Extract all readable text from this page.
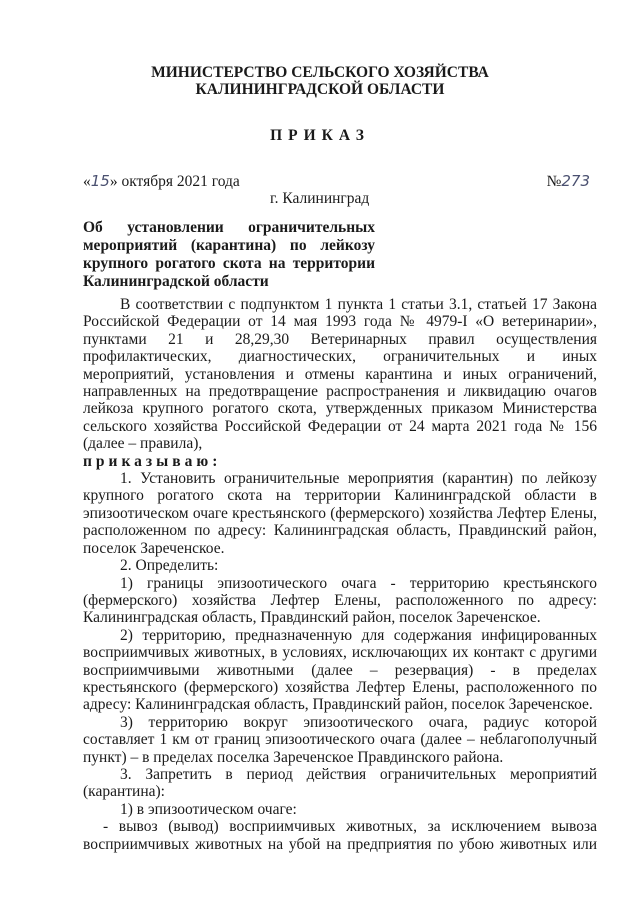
МИНИСТЕРСТВО СЕЛЬСКОГО ХОЗЯЙСТВА
КАЛИНИНГРАДСКОЙ ОБЛАСТИ
ПРИКАЗ
«15» октября 2021 года	№273
г. Калининград
Об установлении ограничительных мероприятий (карантина) по лейкозу крупного рогатого скота на территории Калининградской области

В соответствии с подпунктом 1 пункта 1 статьи 3.1, статьей 17 Закона Российской Федерации от 14 мая 1993 года № 4979-I «О ветеринарии», пунктами 21 и 28,29,30 Ветеринарных правил осуществления профилактических, диагностических, ограничительных и иных мероприятий, установления и отмены карантина и иных ограничений, направленных на предотвращение распространения и ликвидацию очагов лейкоза крупного рогатого скота, утвержденных приказом Министерства сельского хозяйства Российской Федерации от 24 марта 2021 года № 156 (далее – правила),

приказываю:

1. Установить ограничительные мероприятия (карантин) по лейкозу крупного рогатого скота на территории Калининградской области в эпизоотическом очаге крестьянского (фермерского) хозяйства Лефтер Елены, расположенном по адресу: Калининградская область, Правдинский район, поселок Зареченское.

2. Определить:

1) границы эпизоотического очага - территорию крестьянского (фермерского) хозяйства Лефтер Елены, расположенного по адресу: Калининградская область, Правдинский район, поселок Зареченское.

2) территорию, предназначенную для содержания инфицированных восприимчивых животных, в условиях, исключающих их контакт с другими восприимчивыми животными (далее – резервация) - в пределах крестьянского (фермерского) хозяйства Лефтер Елены, расположенного по адресу: Калининградская область, Правдинский район, поселок Зареченское.

3) территорию вокруг эпизоотического очага, радиус которой составляет 1 км от границ эпизоотического очага (далее – неблагополучный пункт) – в пределах поселка Зареченское Правдинского района.

3. Запретить в период действия ограничительных мероприятий (карантина):

1) в эпизоотическом очаге:

- вывоз (вывод) восприимчивых животных, за исключением вывоза восприимчивых животных на убой на предприятия по убою животных или
